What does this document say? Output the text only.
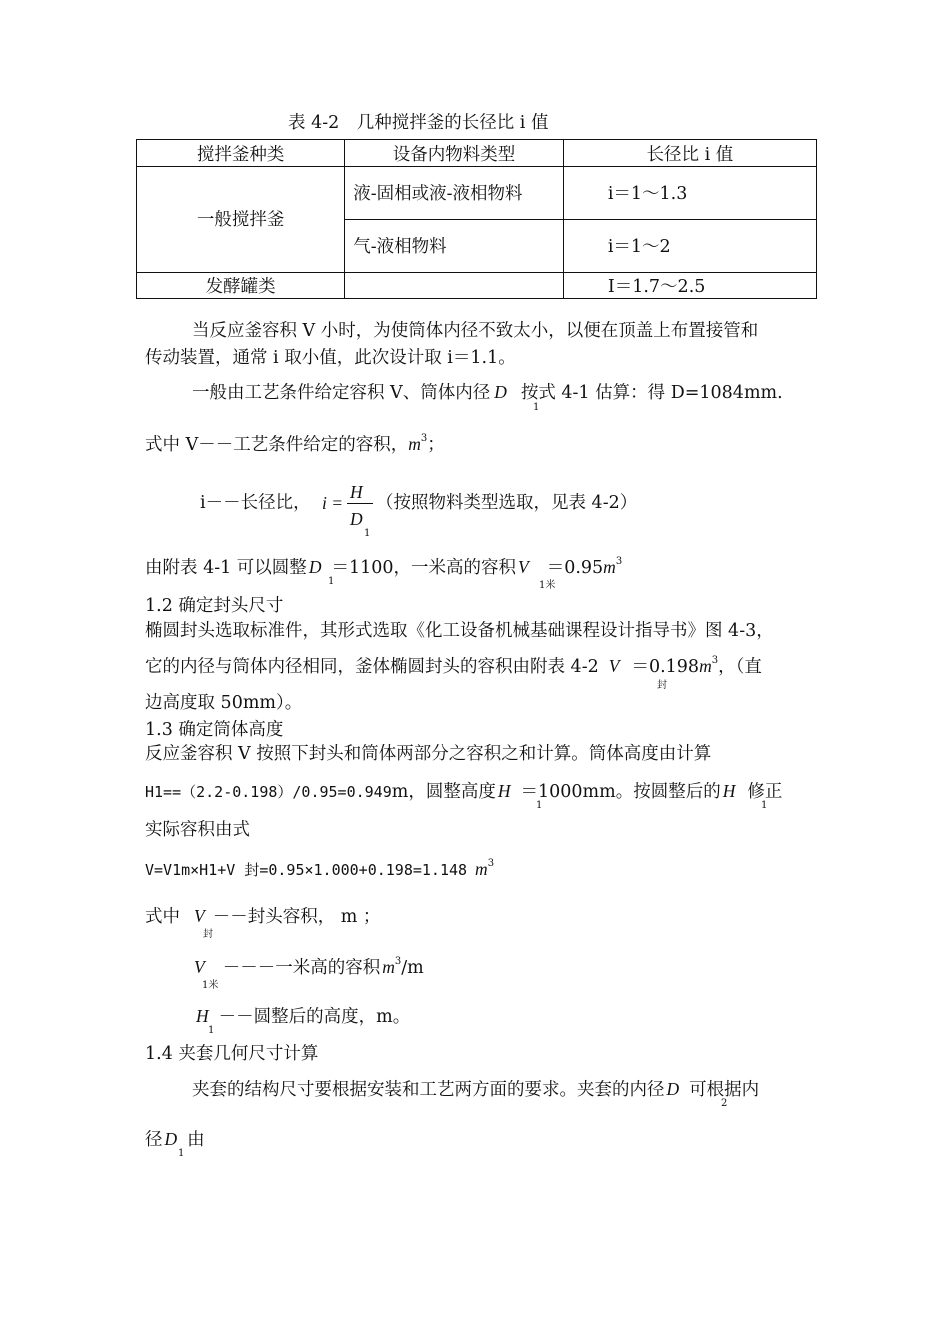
表 4-2　几种搅拌釜的长径比 i 值
搅拌釜种类	设备内物料类型	长径比 i 值
一般搅拌釜	液-固相或液-液相物料	i＝1～1.3
	气-液相物料	i＝1～2
发酵罐类		I＝1.7～2.5
当反应釜容积 V 小时，为使筒体内径不致太小，以便在顶盖上布置接管和
传动装置，通常 i 取小值，此次设计取 i＝1.1。
一般由工艺条件给定容积 V、筒体内径 D 按式 4-1 估算：得 D=1084mm.
1
式中 V－－工艺条件给定的容积，$m^3$；
i－－长径比， i =
H
D
1
（按照物料类型选取，见表 4-2）
由附表 4-1 可以圆整 D ＝1100，一米高的容积 $V =0.95m^3$
1	1米
1.2 确定封头尺寸
椭圆封头选取标准件，其形式选取《化工设备机械基础课程设计指导书》图 4-3，
它的内径与筒体内径相同，釜体椭圆封头的容积由附表 4-2 $V =0.198m^3$，（直
封
边高度取 50mm）。
1.3 确定筒体高度
反应釜容积 V 按照下封头和筒体两部分之容积之和计算。筒体高度由计算
H1==（2.2-0.198）/0.95=0.949m，圆整高度 H ＝1000mm。按圆整后的 H 修正
1	1
实际容积由式
V=V1m×H1+V 封=0.95×1.000+0.198=1.148 $m^3$
式中 V －－封头容积， m ；
封
V －－－一米高的容积 $m^3/m$
1米
H －－圆整后的高度，m。
1
1.4 夹套几何尺寸计算
夹套的结构尺寸要根据安装和工艺两方面的要求。夹套的内径 D 可根据内
2
径 D 由
1
